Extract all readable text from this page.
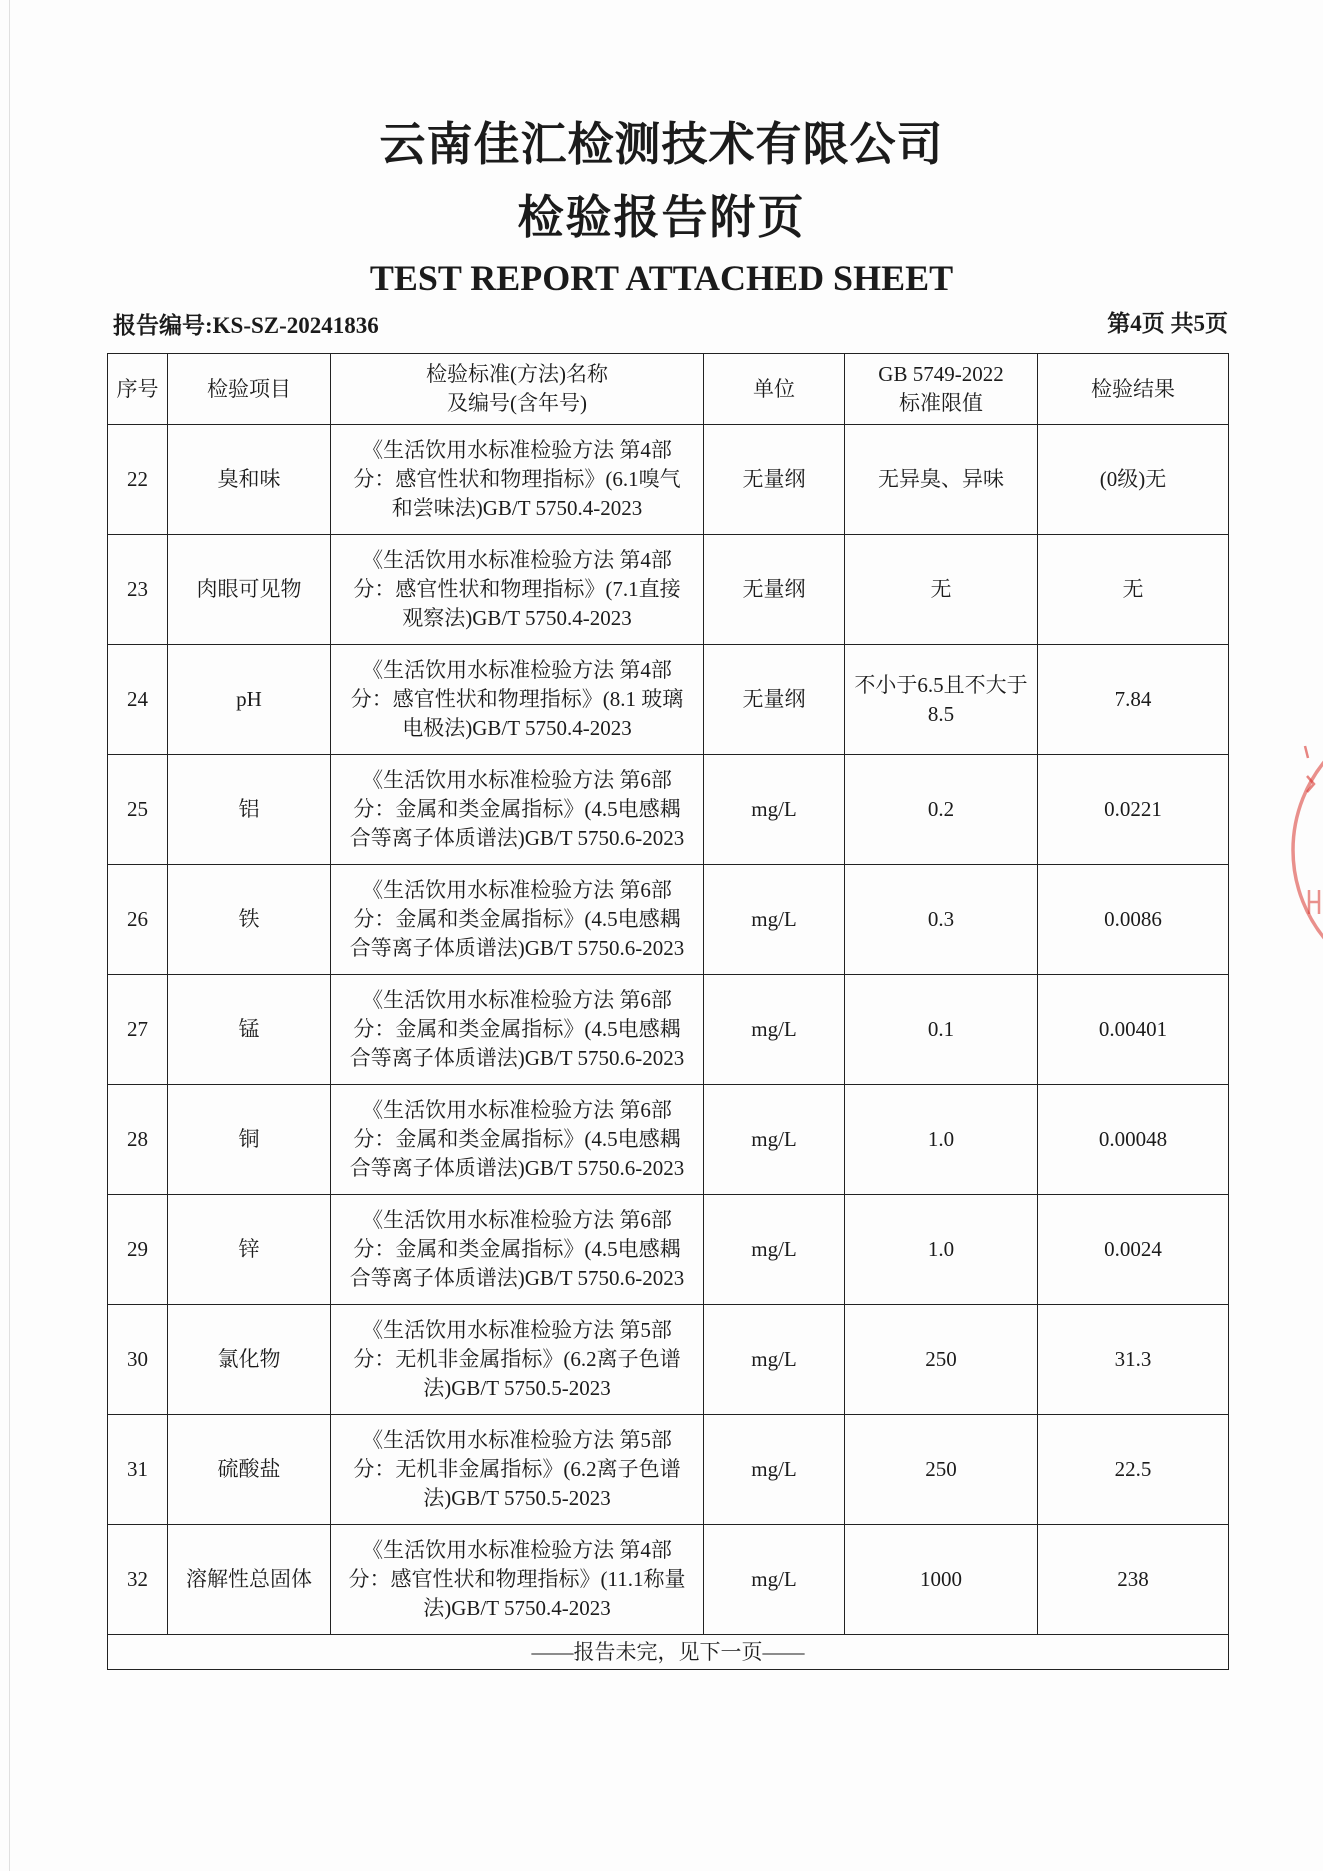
云南佳汇检测技术有限公司
检验报告附页
TEST REPORT ATTACHED SHEET
报告编号:KS-SZ-20241836	第4页 共5页
序号	检验项目	检验标准(方法)名称
及编号(含年号)	单位	GB 5749-2022
标准限值	检验结果
22	臭和味	《生活饮用水标准检验方法 第4部
分：感官性状和物理指标》(6.1嗅气
和尝味法)GB/T 5750.4-2023	无量纲	无异臭、异味	(0级)无
23	肉眼可见物	《生活饮用水标准检验方法 第4部
分：感官性状和物理指标》(7.1直接
观察法)GB/T 5750.4-2023	无量纲	无	无
24	pH	《生活饮用水标准检验方法 第4部
分：感官性状和物理指标》(8.1 玻璃
电极法)GB/T 5750.4-2023	无量纲	不小于6.5且不大于
8.5	7.84
25	铝	《生活饮用水标准检验方法 第6部
分：金属和类金属指标》(4.5电感耦
合等离子体质谱法)GB/T 5750.6-2023	mg/L	0.2	0.0221
26	铁	《生活饮用水标准检验方法 第6部
分：金属和类金属指标》(4.5电感耦
合等离子体质谱法)GB/T 5750.6-2023	mg/L	0.3	0.0086
27	锰	《生活饮用水标准检验方法 第6部
分：金属和类金属指标》(4.5电感耦
合等离子体质谱法)GB/T 5750.6-2023	mg/L	0.1	0.00401
28	铜	《生活饮用水标准检验方法 第6部
分：金属和类金属指标》(4.5电感耦
合等离子体质谱法)GB/T 5750.6-2023	mg/L	1.0	0.00048
29	锌	《生活饮用水标准检验方法 第6部
分：金属和类金属指标》(4.5电感耦
合等离子体质谱法)GB/T 5750.6-2023	mg/L	1.0	0.0024
30	氯化物	《生活饮用水标准检验方法 第5部
分：无机非金属指标》(6.2离子色谱
法)GB/T 5750.5-2023	mg/L	250	31.3
31	硫酸盐	《生活饮用水标准检验方法 第5部
分：无机非金属指标》(6.2离子色谱
法)GB/T 5750.5-2023	mg/L	250	22.5
32	溶解性总固体	《生活饮用水标准检验方法 第4部
分：感官性状和物理指标》(11.1称量
法)GB/T 5750.4-2023	mg/L	1000	238
——报告未完，见下一页——					
